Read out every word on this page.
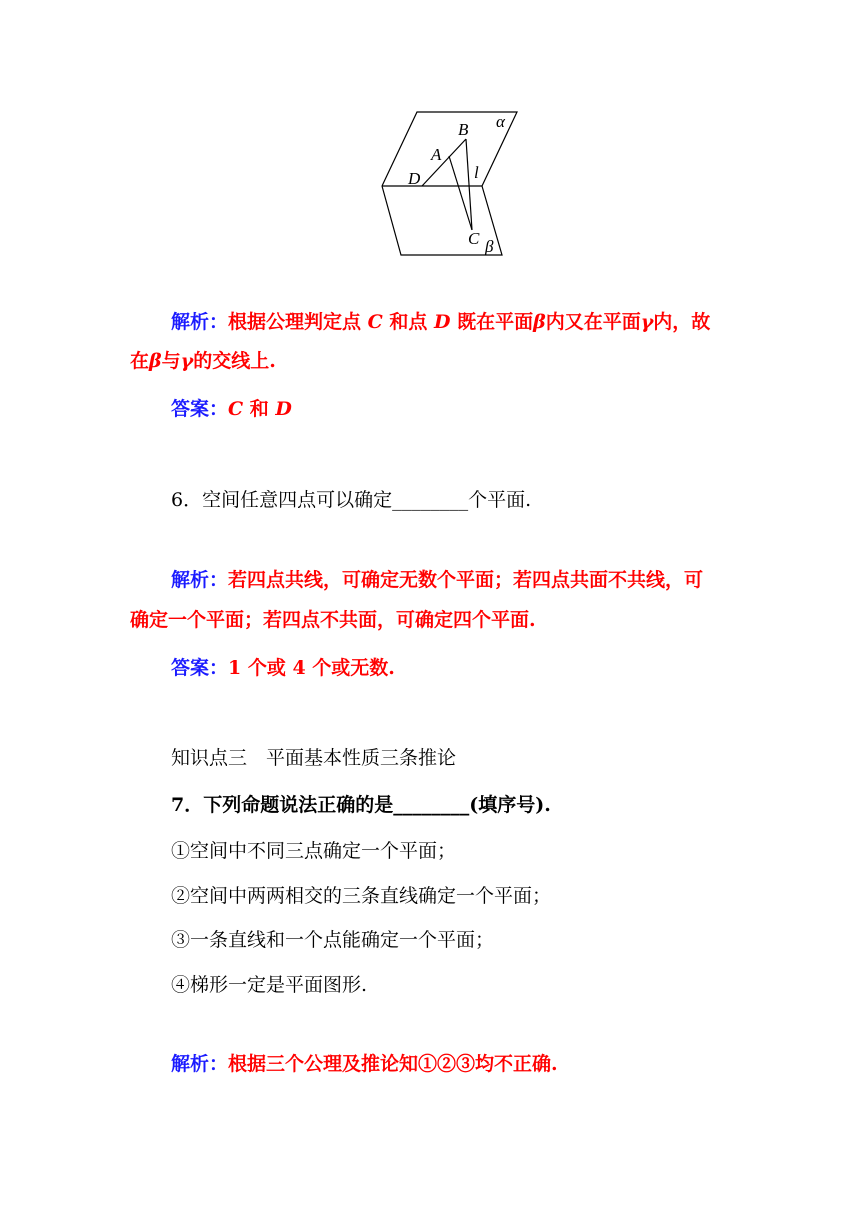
α
B
A
D	l
C β
解析：根据公理判定点 C 和点 D 既在平面β内又在平面γ内，故
在β与γ的交线上.
答案：C 和 D
6．空间任意四点可以确定________个平面.
解析：若四点共线，可确定无数个平面；若四点共面不共线，可
确定一个平面；若四点不共面，可确定四个平面.
答案：1 个或 4 个或无数.
知识点三　平面基本性质三条推论
7．下列命题说法正确的是________(填序号).
①空间中不同三点确定一个平面；
②空间中两两相交的三条直线确定一个平面；
③一条直线和一个点能确定一个平面；
④梯形一定是平面图形.
解析：根据三个公理及推论知①②③均不正确.
